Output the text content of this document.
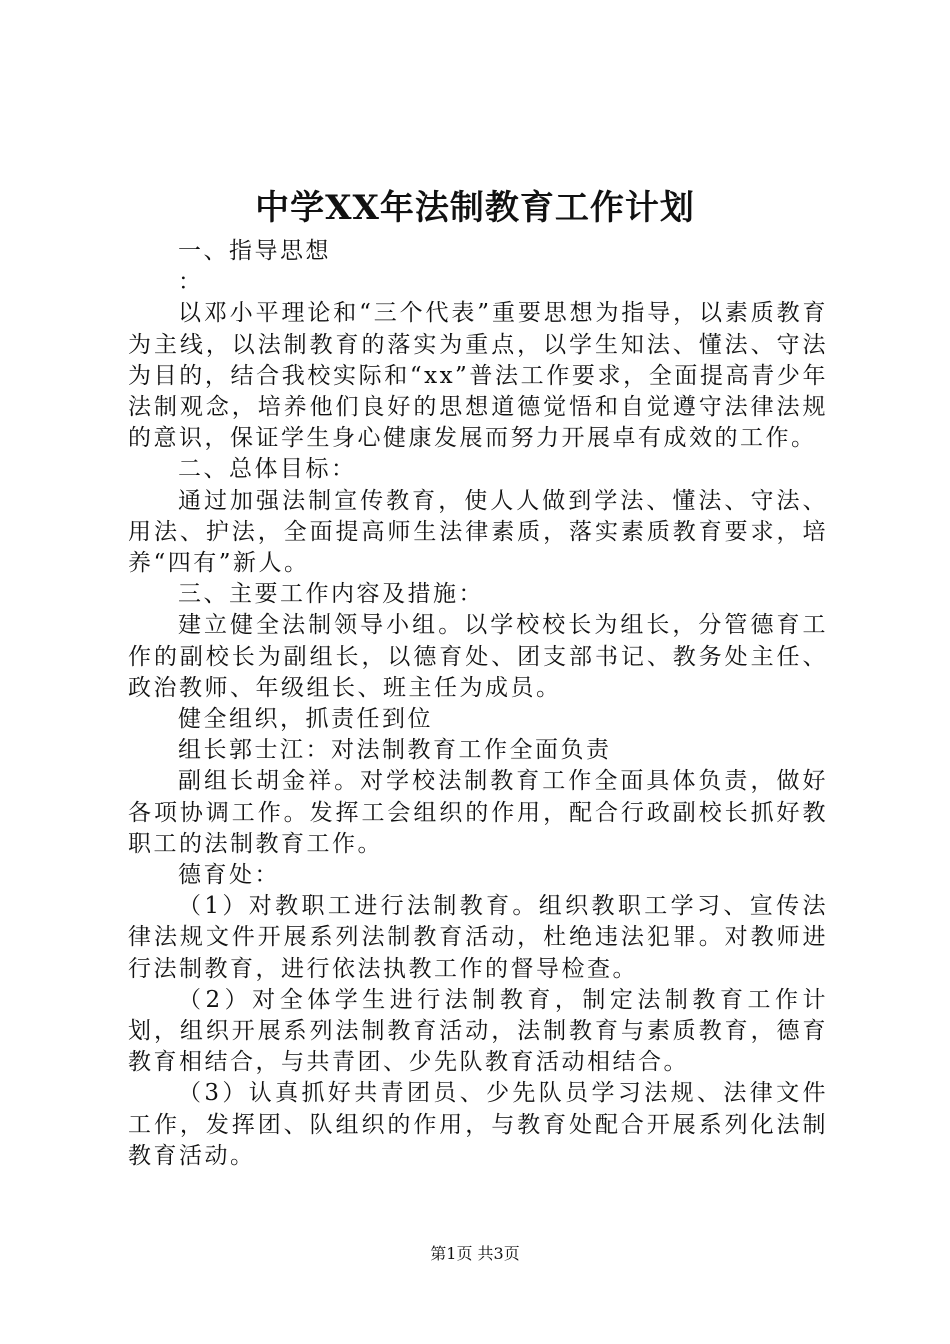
中学XX年法制教育工作计划

一、指导思想

：

以邓小平理论和“三个代表”重要思想为指导，以素质教育为主线，以法制教育的落实为重点，以学生知法、懂法、守法为目的，结合我校实际和“xx”普法工作要求，全面提高青少年法制观念，培养他们良好的思想道德觉悟和自觉遵守法律法规的意识，保证学生身心健康发展而努力开展卓有成效的工作。

二、总体目标：

通过加强法制宣传教育，使人人做到学法、懂法、守法、用法、护法，全面提高师生法律素质，落实素质教育要求，培养“四有”新人。

三、主要工作内容及措施：

建立健全法制领导小组。以学校校长为组长，分管德育工作的副校长为副组长，以德育处、团支部书记、教务处主任、政治教师、年级组长、班主任为成员。

健全组织，抓责任到位

组长郭士江：对法制教育工作全面负责

副组长胡金祥。对学校法制教育工作全面具体负责，做好各项协调工作。发挥工会组织的作用，配合行政副校长抓好教职工的法制教育工作。

德育处：

（1）对教职工进行法制教育。组织教职工学习、宣传法律法规文件开展系列法制教育活动，杜绝违法犯罪。对教师进行法制教育，进行依法执教工作的督导检查。

（2）对全体学生进行法制教育，制定法制教育工作计划，组织开展系列法制教育活动，法制教育与素质教育，德育教育相结合，与共青团、少先队教育活动相结合。

（3）认真抓好共青团员、少先队员学习法规、法律文件工作，发挥团、队组织的作用，与教育处配合开展系列化法制教育活动。

第1页 共3页
